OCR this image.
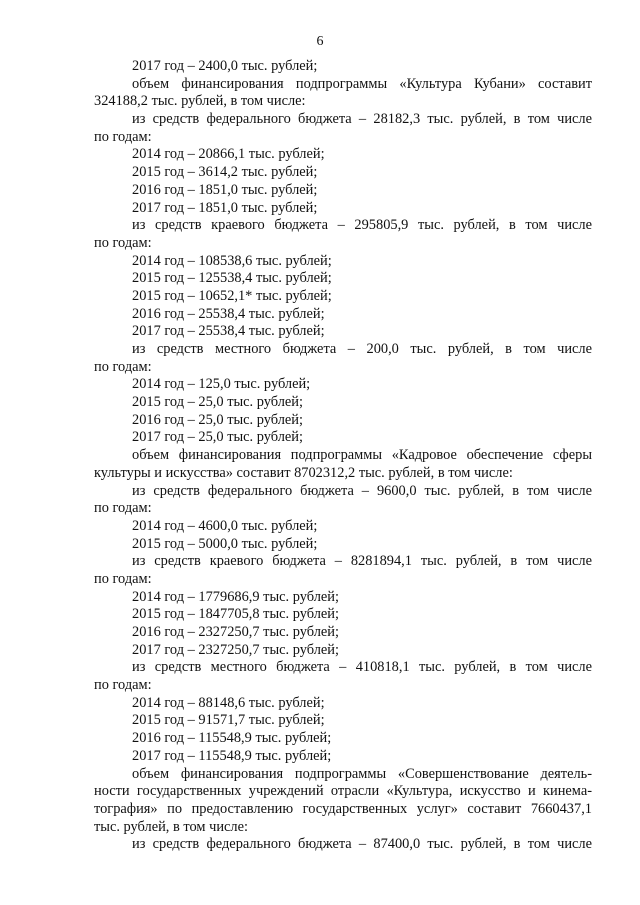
6
2017 год – 2400,0 тыс. рублей;
объем финансирования подпрограммы «Культура Кубани» составит
324188,2 тыс. рублей, в том числе:
из средств федерального бюджета – 28182,3 тыс. рублей, в том числе
по годам:
2014 год – 20866,1 тыс. рублей;
2015 год – 3614,2 тыс. рублей;
2016 год – 1851,0 тыс. рублей;
2017 год – 1851,0 тыс. рублей;
из средств краевого бюджета – 295805,9 тыс. рублей, в том числе
по годам:
2014 год – 108538,6 тыс. рублей;
2015 год – 125538,4 тыс. рублей;
2015 год – 10652,1* тыс. рублей;
2016 год – 25538,4 тыс. рублей;
2017 год – 25538,4 тыс. рублей;
из средств местного бюджета – 200,0 тыс. рублей, в том числе
по годам:
2014 год – 125,0 тыс. рублей;
2015 год – 25,0 тыс. рублей;
2016 год – 25,0 тыс. рублей;
2017 год – 25,0 тыс. рублей;
объем финансирования подпрограммы «Кадровое обеспечение сферы
культуры и искусства» составит 8702312,2 тыс. рублей, в том числе:
из средств федерального бюджета – 9600,0 тыс. рублей, в том числе
по годам:
2014 год – 4600,0 тыс. рублей;
2015 год – 5000,0 тыс. рублей;
из средств краевого бюджета – 8281894,1 тыс. рублей, в том числе
по годам:
2014 год – 1779686,9 тыс. рублей;
2015 год – 1847705,8 тыс. рублей;
2016 год – 2327250,7 тыс. рублей;
2017 год – 2327250,7 тыс. рублей;
из средств местного бюджета – 410818,1 тыс. рублей, в том числе
по годам:
2014 год – 88148,6 тыс. рублей;
2015 год – 91571,7 тыс. рублей;
2016 год – 115548,9 тыс. рублей;
2017 год – 115548,9 тыс. рублей;
объем финансирования подпрограммы «Совершенствование деятель-
ности государственных учреждений отрасли «Культура, искусство и кинема-
тография» по предоставлению государственных услуг» составит 7660437,1
тыс. рублей, в том числе:
из средств федерального бюджета – 87400,0 тыс. рублей, в том числе
